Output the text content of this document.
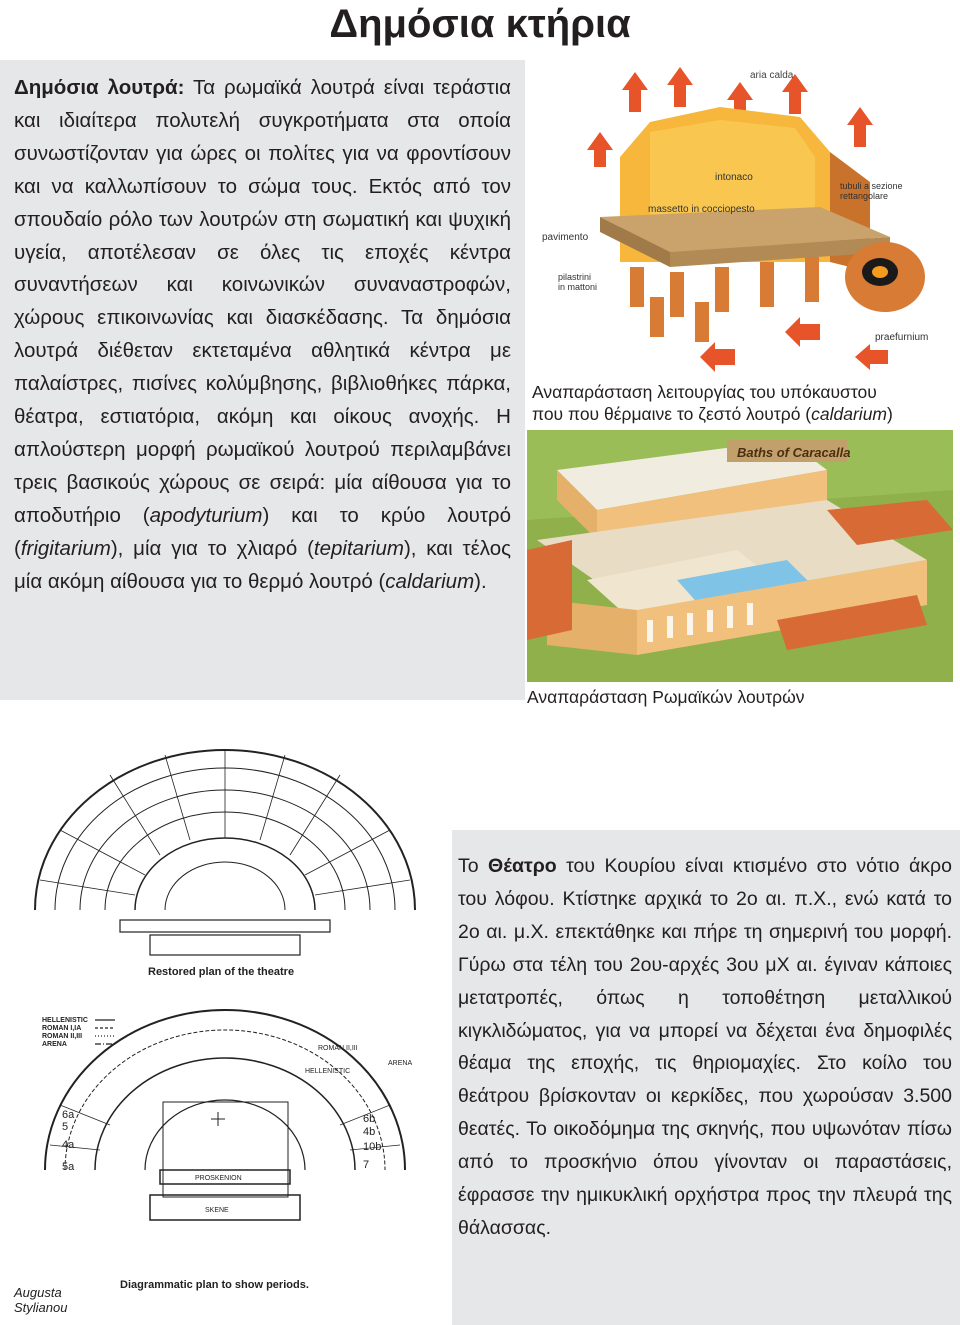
Δημόσια κτήρια

Δημόσια λουτρά: Τα ρωμαϊκά λουτρά είναι τεράστια και ιδιαίτερα πολυτελή συγκροτήματα στα οποία συνωστίζονταν για ώρες οι πολίτες για να φροντίσουν και να καλλωπίσουν το σώμα τους. Εκτός από τον σπουδαίο ρόλο των λουτρών στη σωματική και ψυχική υγεία, αποτέλεσαν σε όλες τις εποχές κέντρα συναντήσεων και κοινωνικών συναναστροφών, χώρους επικοινωνίας και διασκέδασης. Τα δημόσια λουτρά διέθεταν εκτεταμένα αθλητικά κέντρα με παλαίστρες, πισίνες κολύμβησης, βιβλιοθήκες πάρκα, θέατρα, εστιατόρια, ακόμη και οίκους ανοχής. Η απλούστερη μορφή ρωμαϊκού λουτρού περιλαμβάνει τρεις βασικούς χώρους σε σειρά: μία αίθουσα για το αποδυτήριο (apodyturium) και το κρύο λουτρό (frigitarium), μία για το χλιαρό (tepitarium), και τέλος μία ακόμη αίθουσα για το θερμό λουτρό (caldarium).

aria calda
intonaco
massetto in cocciopesto
tubuli a sezione
rettangolare
pavimento
pilastrini
in mattoni
praefurnium
Αναπαράσταση λειτουργίας του υπόκαυστου
που που θέρμαινε το ζεστό λουτρό (caldarium)
Baths of Caracalla
Αναπαράσταση Ρωμαϊκών λουτρών
Restored plan of the theatre
HELLENISTIC
ROMAN I,IA
ROMAN II,III
ARENA
6a
5
4a
5a
6b
4b
10b
7
ROMAN II,III
HELLENISTIC
ARENA
PROSKENION
SKENE
Diagrammatic plan to show periods.
Augusta
Stylianou

Το Θέατρο του Κουρίου είναι κτισμένο στο νότιο άκρο του λόφου. Κτίστηκε αρχικά το 2ο αι. π.Χ., ενώ κατά το 2ο αι. μ.Χ. επεκτάθηκε και πήρε τη σημερινή του μορφή. Γύρω στα τέλη του 2ου-αρχές 3ου μΧ αι. έγιναν κάποιες μετατροπές, όπως η τοποθέτηση μεταλλικού κιγκλιδώματος, για να μπορεί να δέχεται ένα δημοφιλές θέαμα της εποχής, τις θηριομαχίες. Στο κοίλο του θεάτρου βρίσκονταν οι κερκίδες, που χωρούσαν 3.500 θεατές. Το οικοδόμημα της σκηνής, που υψωνόταν πίσω από το προσκήνιο όπου γίνονταν οι παραστάσεις, έφρασσε την ημικυκλική ορχήστρα προς την πλευρά της θάλασσας.
